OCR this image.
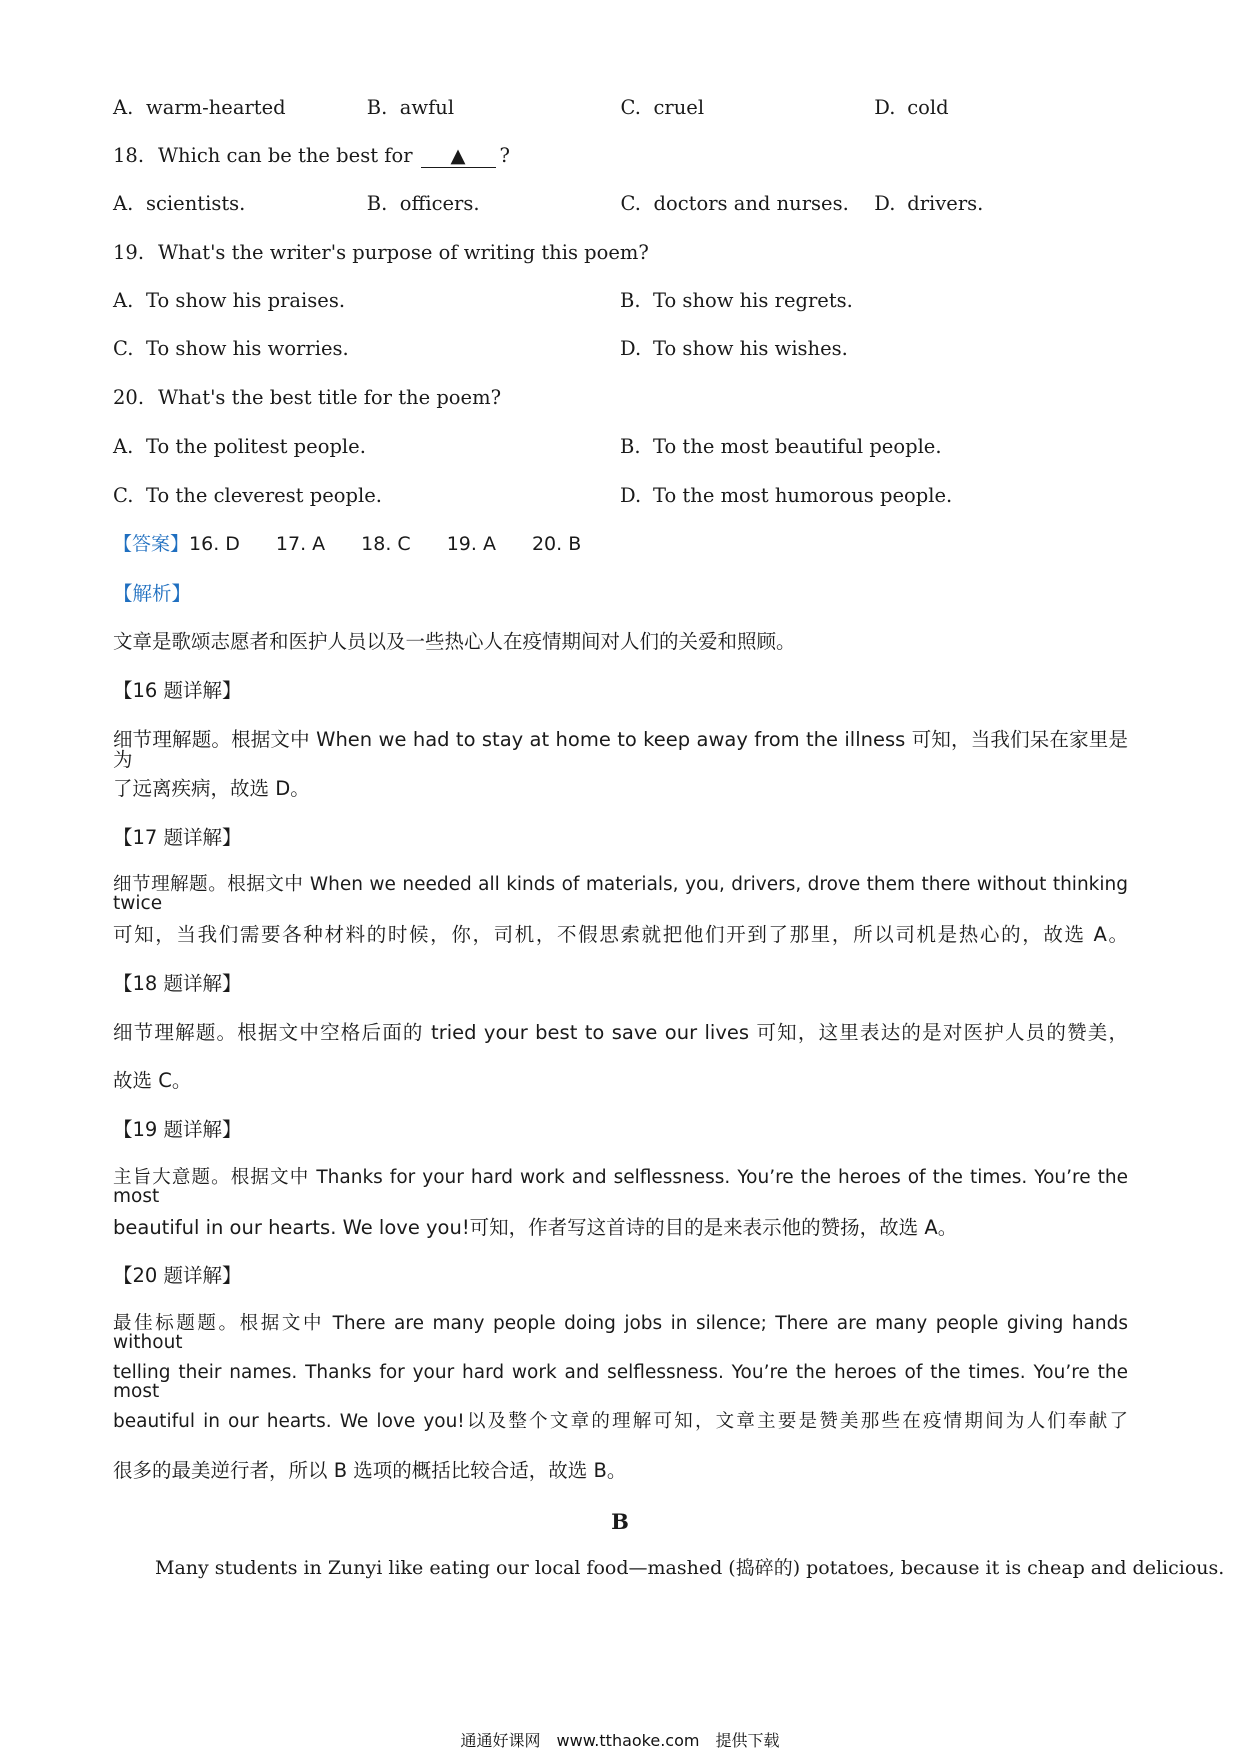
A. warm-hearted	B. awful	C. cruel	D. cold
18. Which can be the best for ▲ ?
A. scientists.	B. officers.	C. doctors and nurses. D. drivers.
19. What's the writer's purpose of writing this poem?
A. To show his praises.	B. To show his regrets.
C. To show his worries.	D. To show his wishes.
20. What's the best title for the poem?
A. To the politest people.	B. To the most beautiful people.
C. To the cleverest people.	D. To the most humorous people.
【答案】16. D 17. A 18. C 19. A 20. B
【解析】
文章是歌颂志愿者和医护人员以及一些热心人在疫情期间对人们的关爱和照顾。
【16 题详解】
细节理解题。根据文中 When we had to stay at home to keep away from the illness 可知，当我们呆在家里是为
了远离疾病，故选 D。
【17 题详解】
细节理解题。根据文中 When we needed all kinds of materials, you, drivers, drove them there without thinking twice
可知，当我们需要各种材料的时候，你，司机，不假思索就把他们开到了那里，所以司机是热心的，故选 A。
【18 题详解】
细节理解题。根据文中空格后面的 tried your best to save our lives 可知，这里表达的是对医护人员的赞美，
故选 C。
【19 题详解】
主旨大意题。根据文中 Thanks for your hard work and selflessness. You’re the heroes of the times. You’re the most
beautiful in our hearts. We love you!可知，作者写这首诗的目的是来表示他的赞扬，故选 A。
【20 题详解】
最佳标题题。根据文中 There are many people doing jobs in silence; There are many people giving hands without
telling their names. Thanks for your hard work and selflessness. You’re the heroes of the times. You’re the most
beautiful in our hearts. We love you!以及整个文章的理解可知，文章主要是赞美那些在疫情期间为人们奉献了
很多的最美逆行者，所以 B 选项的概括比较合适，故选 B。
B
Many students in Zunyi like eating our local food—mashed (捣碎的) potatoes, because it is cheap and delicious.
通通好课网 www.tthaoke.com 提供下载
